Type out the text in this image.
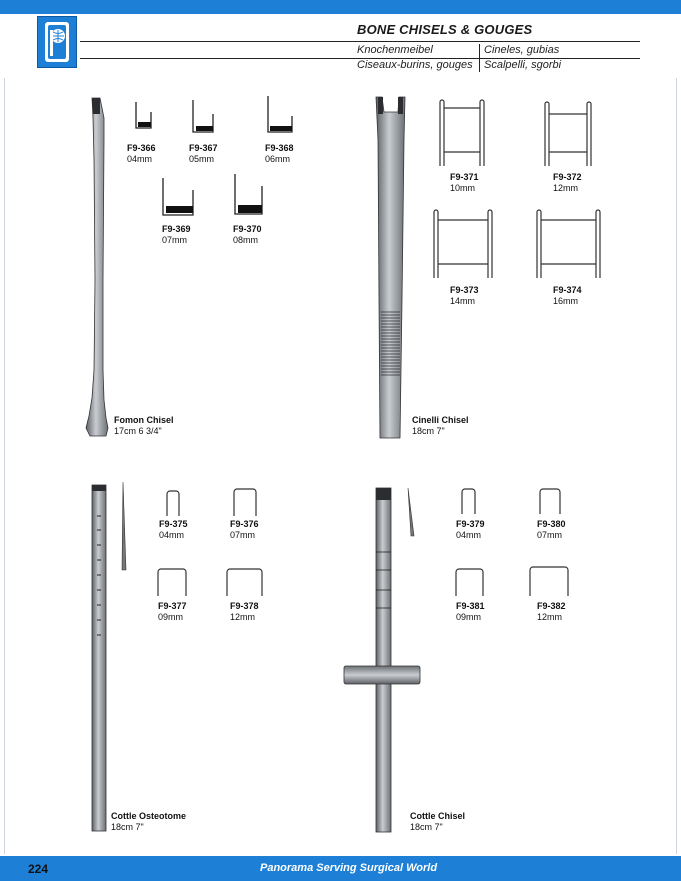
BONE CHISELS & GOUGES
Knochenmeibel	Cineles, gubias
Ciseaux-burins, gouges Scalpelli, sgorbi
F9-366
04mm
F9-367
05mm
F9-368
06mm
F9-369
07mm
F9-370
08mm
Fomon Chisel
17cm 6 3/4"
F9-371
10mm
F9-372
12mm
F9-373
14mm
F9-374
16mm
Cinelli Chisel
18cm 7"
F9-375
04mm
F9-376
07mm
F9-377
09mm
F9-378
12mm
Cottle Osteotome
18cm 7"
F9-379
04mm
F9-380
07mm
F9-381
09mm
F9-382
12mm
Cottle Chisel
18cm 7"
224	Panorama Serving Surgical World
